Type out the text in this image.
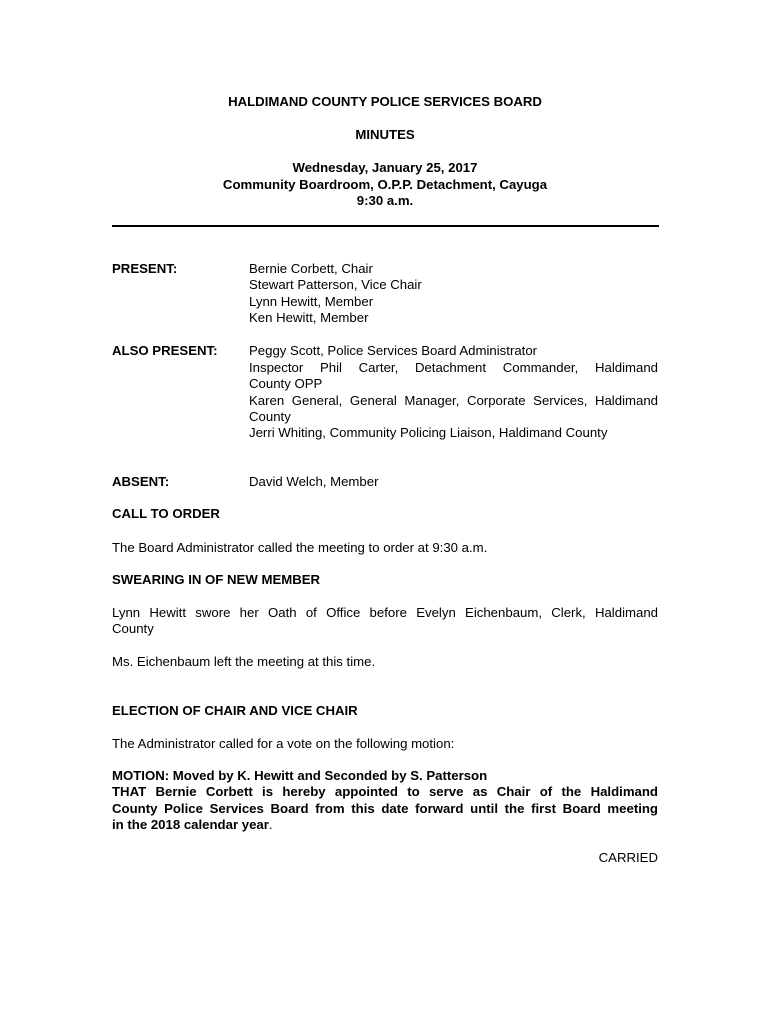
HALDIMAND COUNTY POLICE SERVICES BOARD
MINUTES
Wednesday, January 25, 2017
Community Boardroom, O.P.P. Detachment, Cayuga
9:30 a.m.
PRESENT:	Bernie Corbett, Chair
Stewart Patterson, Vice Chair
Lynn Hewitt, Member
Ken Hewitt, Member
ALSO PRESENT: Peggy Scott, Police Services Board Administrator
Inspector Phil Carter, Detachment Commander, Haldimand
County OPP
Karen General, General Manager, Corporate Services, Haldimand
County
Jerri Whiting, Community Policing Liaison, Haldimand County
ABSENT:	David Welch, Member
CALL TO ORDER
The Board Administrator called the meeting to order at 9:30 a.m.
SWEARING IN OF NEW MEMBER
Lynn Hewitt swore her Oath of Office before Evelyn Eichenbaum, Clerk, Haldimand
County
Ms. Eichenbaum left the meeting at this time.
ELECTION OF CHAIR AND VICE CHAIR
The Administrator called for a vote on the following motion:
MOTION: Moved by K. Hewitt and Seconded by S. Patterson
THAT Bernie Corbett is hereby appointed to serve as Chair of the Haldimand
County Police Services Board from this date forward until the first Board meeting
in the 2018 calendar year.
CARRIED
